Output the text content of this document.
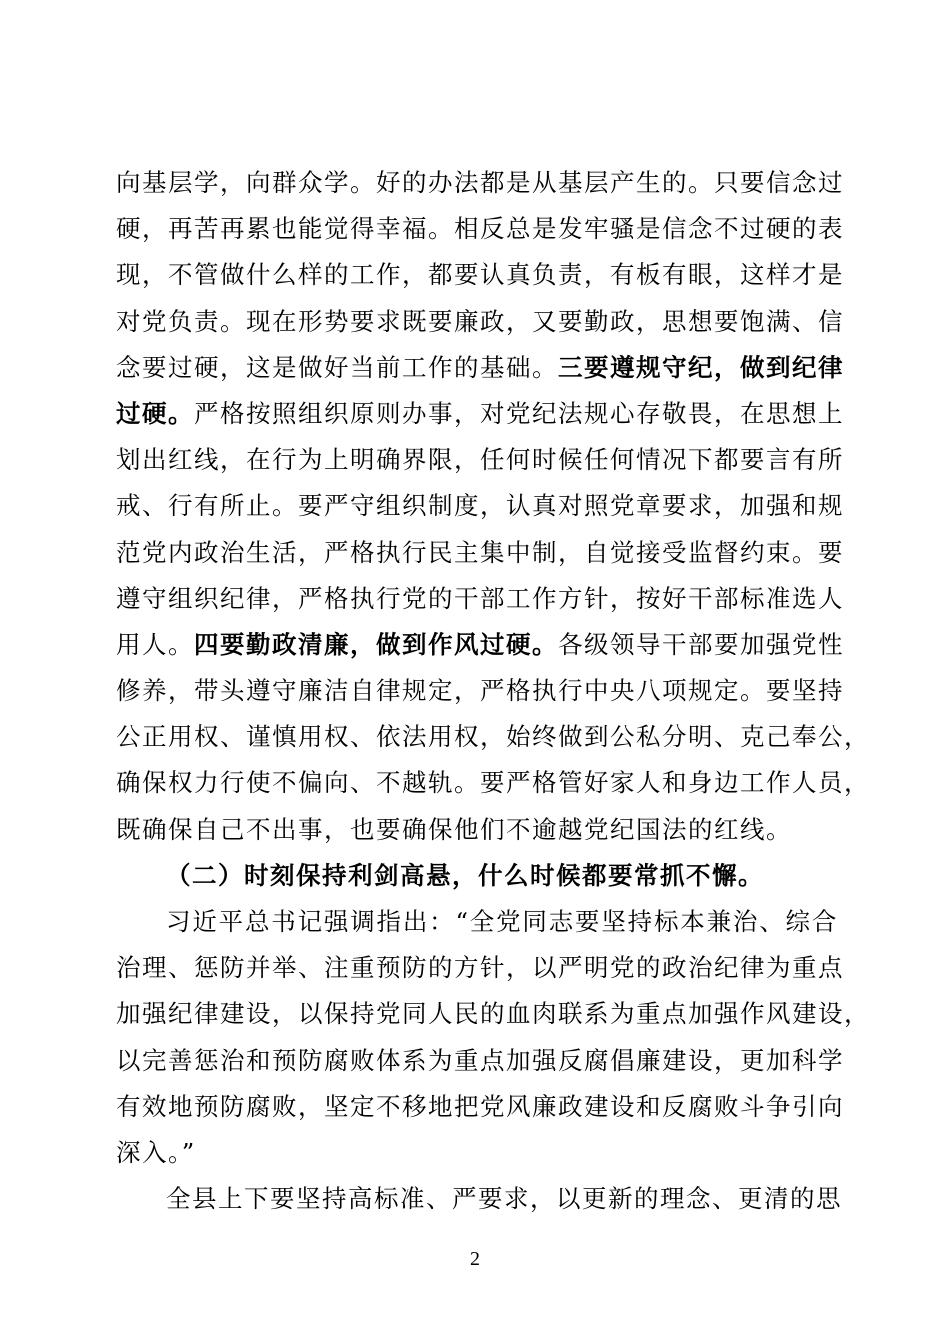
向 基 层 学 ， 向 群 众 学 。 好 的 办 法 都 是 从 基 层 产 生 的 。 只 要 信 念 过
硬 ， 再 苦 再 累 也 能 觉 得 幸 福 。 相 反 总 是 发 牢 骚 是 信 念 不 过 硬 的 表
现 ， 不 管 做 什 么 样 的 工 作 ， 都 要 认 真 负 责 ， 有 板 有 眼 ， 这 样 才 是
对 党 负 责 。 现 在 形 势 要 求 既 要 廉 政 ， 又 要 勤 政 ， 思 想 要 饱 满 、 信
念 要 过 硬 ， 这 是 做 好 当 前 工 作 的 基 础 。 三 要 遵 规 守 纪 ， 做 到 纪 律
过 硬 。 严 格 按 照 组 织 原 则 办 事 ， 对 党 纪 法 规 心 存 敬 畏 ， 在 思 想 上
划 出 红 线 ， 在 行 为 上 明 确 界 限 ， 任 何 时 候 任 何 情 况 下 都 要 言 有 所
戒 、 行 有 所 止 。 要 严 守 组 织 制 度 ， 认 真 对 照 党 章 要 求 ， 加 强 和 规
范 党 内 政 治 生 活 ， 严 格 执 行 民 主 集 中 制 ， 自 觉 接 受 监 督 约 束 。 要
遵 守 组 织 纪 律 ， 严 格 执 行 党 的 干 部 工 作 方 针 ， 按 好 干 部 标 准 选 人
用 人 。 四 要 勤 政 清 廉 ， 做 到 作 风 过 硬 。 各 级 领 导 干 部 要 加 强 党 性
修 养 ， 带 头 遵 守 廉 洁 自 律 规 定 ， 严 格 执 行 中 央 八 项 规 定 。 要 坚 持
公 正 用 权 、 谨 慎 用 权 、 依 法 用 权 ， 始 终 做 到 公 私 分 明 、 克 己 奉 公 ，
确 保 权 力 行 使 不 偏 向 、 不 越 轨 。 要 严 格 管 好 家 人 和 身 边 工 作 人 员 ，
既确保自己不出事，也要确保他们不逾越党纪国法的红线。
（二）时刻保持利剑高悬，什么时候都要常抓不懈。
习 近 平 总 书 记 强 调 指 出 ： “ 全 党 同 志 要 坚 持 标 本 兼 治 、 综 合
治 理 、 惩 防 并 举 、 注 重 预 防 的 方 针 ， 以 严 明 党 的 政 治 纪 律 为 重 点
加 强 纪 律 建 设 ， 以 保 持 党 同 人 民 的 血 肉 联 系 为 重 点 加 强 作 风 建 设 ，
以 完 善 惩 治 和 预 防 腐 败 体 系 为 重 点 加 强 反 腐 倡 廉 建 设 ， 更 加 科 学
有 效 地 预 防 腐 败 ， 坚 定 不 移 地 把 党 风 廉 政 建 设 和 反 腐 败 斗 争 引 向
深入。”
全 县 上 下 要 坚 持 高 标 准 、 严 要 求 ， 以 更 新 的 理 念 、 更 清 的 思
2
